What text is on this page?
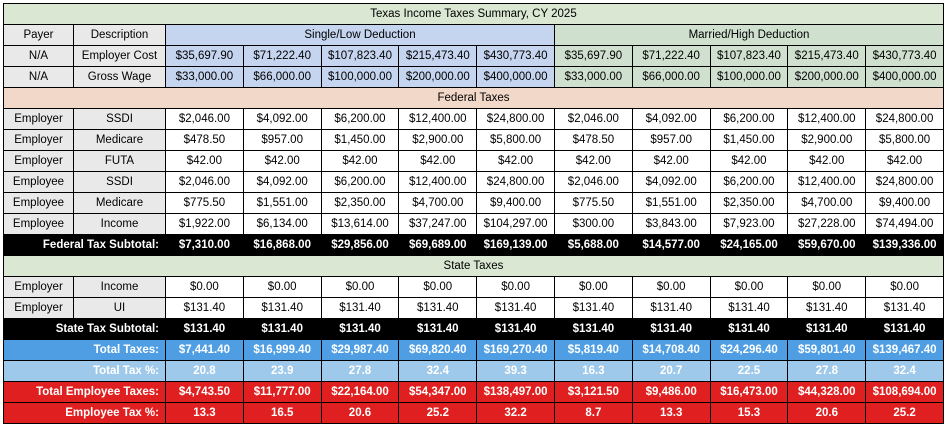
Texas Income Taxes Summary, CY 2025											
Payer	Description	Single/Low Deduction					Married/High Deduction				
N/A	Employer Cost	$35,697.90	$71,222.40	$107,823.40	$215,473.40	$430,773.40	$35,697.90	$71,222.40	$107,823.40	$215,473.40	$430,773.40
N/A	Gross Wage	$33,000.00	$66,000.00	$100,000.00	$200,000.00	$400,000.00	$33,000.00	$66,000.00	$100,000.00	$200,000.00	$400,000.00
Federal Taxes											
Employer	SSDI	$2,046.00	$4,092.00	$6,200.00	$12,400.00	$24,800.00	$2,046.00	$4,092.00	$6,200.00	$12,400.00	$24,800.00
Employer	Medicare	$478.50	$957.00	$1,450.00	$2,900.00	$5,800.00	$478.50	$957.00	$1,450.00	$2,900.00	$5,800.00
Employer	FUTA	$42.00	$42.00	$42.00	$42.00	$42.00	$42.00	$42.00	$42.00	$42.00	$42.00
Employee	SSDI	$2,046.00	$4,092.00	$6,200.00	$12,400.00	$24,800.00	$2,046.00	$4,092.00	$6,200.00	$12,400.00	$24,800.00
Employee	Medicare	$775.50	$1,551.00	$2,350.00	$4,700.00	$9,400.00	$775.50	$1,551.00	$2,350.00	$4,700.00	$9,400.00
Employee	Income	$1,922.00	$6,134.00	$13,614.00	$37,247.00	$104,297.00	$300.00	$3,843.00	$7,923.00	$27,228.00	$74,494.00
Federal Tax Subtotal:		$7,310.00	$16,868.00	$29,856.00	$69,689.00	$169,139.00	$5,688.00	$14,577.00	$24,165.00	$59,670.00	$139,336.00
State Taxes											
Employer	Income	$0.00	$0.00	$0.00	$0.00	$0.00	$0.00	$0.00	$0.00	$0.00	$0.00
Employer	UI	$131.40	$131.40	$131.40	$131.40	$131.40	$131.40	$131.40	$131.40	$131.40	$131.40
State Tax Subtotal:		$131.40	$131.40	$131.40	$131.40	$131.40	$131.40	$131.40	$131.40	$131.40	$131.40
Total Taxes:		$7,441.40	$16,999.40	$29,987.40	$69,820.40	$169,270.40	$5,819.40	$14,708.40	$24,296.40	$59,801.40	$139,467.40
Total Tax %:		20.8	23.9	27.8	32.4	39.3	16.3	20.7	22.5	27.8	32.4
Total Employee Taxes:		$4,743.50	$11,777.00	$22,164.00	$54,347.00	$138,497.00	$3,121.50	$9,486.00	$16,473.00	$44,328.00	$108,694.00
Employee Tax %:		13.3	16.5	20.6	25.2	32.2	8.7	13.3	15.3	20.6	25.2
